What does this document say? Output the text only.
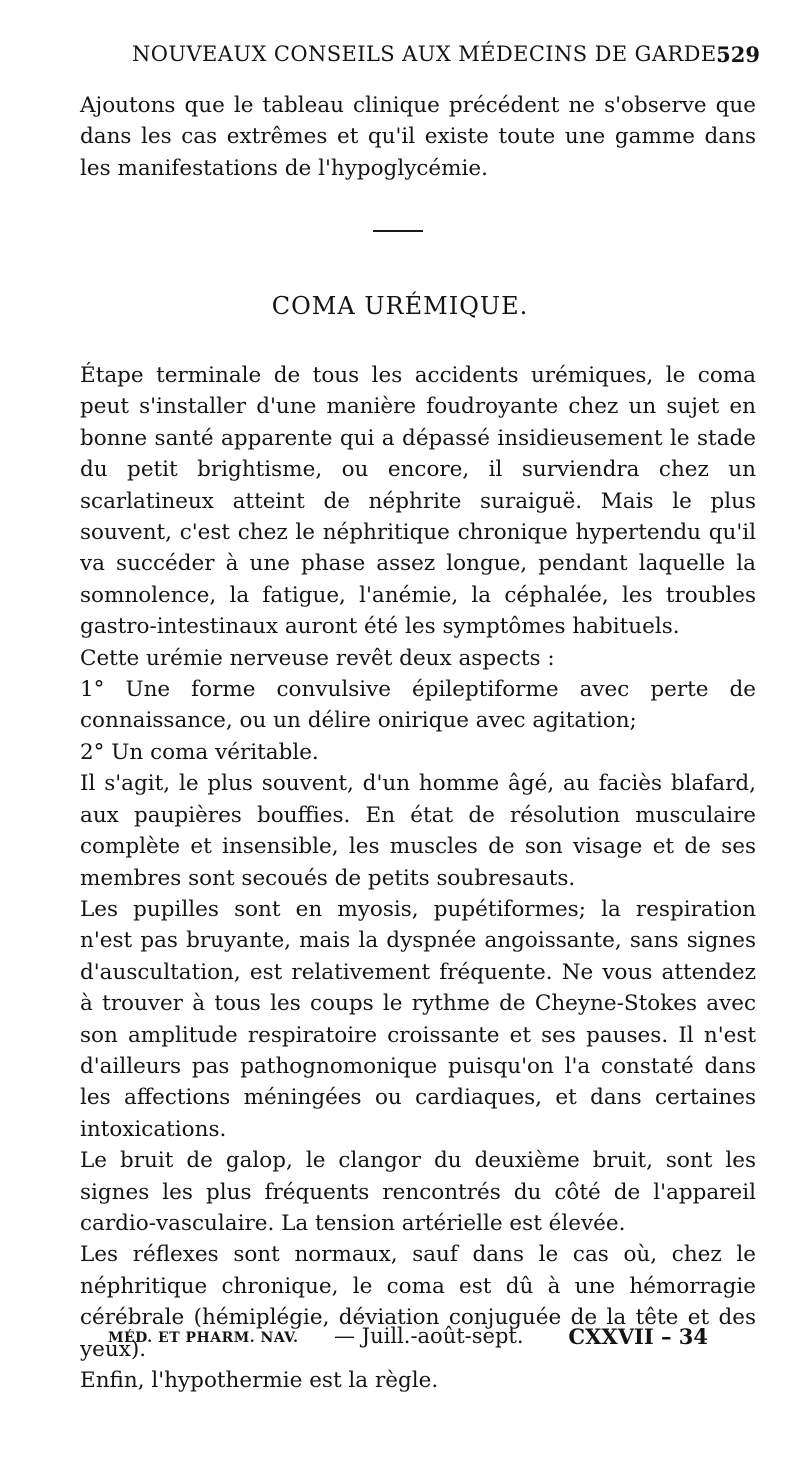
NOUVEAUX CONSEILS AUX MÉDECINS DE GARDE.
529

Ajoutons que le tableau clinique précédent ne s'observe que dans les cas extrêmes et qu'il existe toute une gamme dans les manifestations de l'hypoglycémie.

COMA URÉMIQUE.

Étape terminale de tous les accidents urémiques, le coma peut s'installer d'une manière foudroyante chez un sujet en bonne santé apparente qui a dépassé insidieusement le stade du petit brightisme, ou encore, il surviendra chez un scarlatineux atteint de néphrite suraiguë. Mais le plus souvent, c'est chez le néphritique chronique hypertendu qu'il va succéder à une phase assez longue, pendant laquelle la somnolence, la fatigue, l'anémie, la céphalée, les troubles gastro-intestinaux auront été les symptômes habituels.

Cette urémie nerveuse revêt deux aspects :

1° Une forme convulsive épileptiforme avec perte de connaissance, ou un délire onirique avec agitation;

2° Un coma véritable.

Il s'agit, le plus souvent, d'un homme âgé, au faciès blafard, aux paupières bouffies. En état de résolution musculaire complète et insensible, les muscles de son visage et de ses membres sont secoués de petits soubresauts.

Les pupilles sont en myosis, pupétiformes; la respiration n'est pas bruyante, mais la dyspnée angoissante, sans signes d'auscultation, est relativement fréquente. Ne vous attendez à trouver à tous les coups le rythme de Cheyne-Stokes avec son amplitude respiratoire croissante et ses pauses. Il n'est d'ailleurs pas pathognomonique puisqu'on l'a constaté dans les affections méningées ou cardiaques, et dans certaines intoxications.

Le bruit de galop, le clangor du deuxième bruit, sont les signes les plus fréquents rencontrés du côté de l'appareil cardio-vasculaire. La tension artérielle est élevée.

Les réflexes sont normaux, sauf dans le cas où, chez le néphritique chronique, le coma est dû à une hémorragie cérébrale (hémiplégie, déviation conjuguée de la tête et des yeux).

Enfin, l'hypothermie est la règle.

MÉD. ET PHARM. NAV. — Juill.-août-sept. CXXVII – 34
